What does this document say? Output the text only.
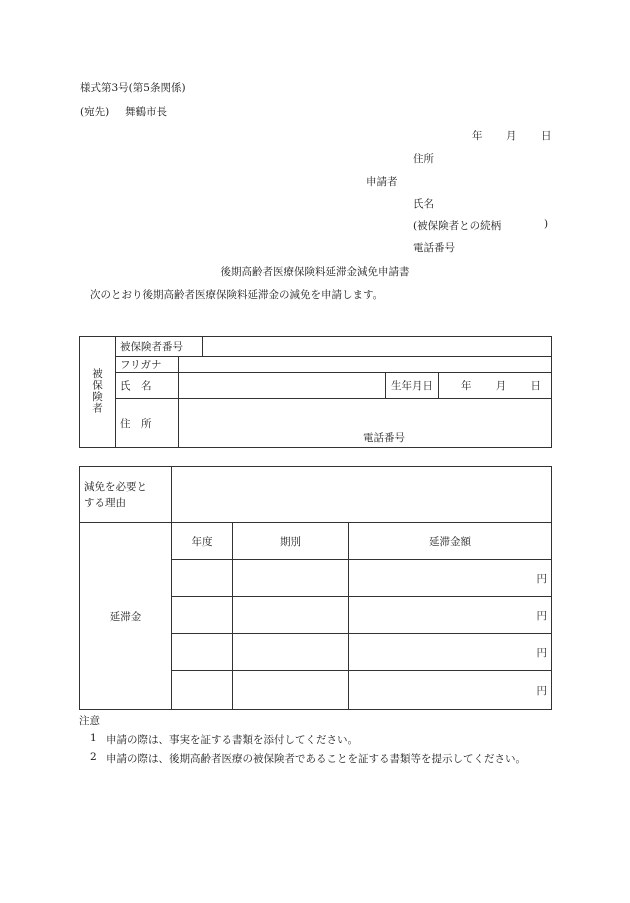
様式第3号(第5条関係)
(宛先) 舞鶴市長
年 月 日
住所
申請者
氏名
(被保険者との続柄	)
電話番号
後期高齢者医療保険料延滞金減免申請書
次のとおり後期高齢者医療保険料延滞金の減免を申請します。
被保険者	被保険者番号				
	フリガナ				
	氏　名			生年月日	年 月 日

	住　所	電話番号			
減免を必要と
する理由			

延滞金	年度	期別	延滞金額
			円
			円
			円
			円
注意
1 申請の際は、事実を証する書類を添付してください。
2 申請の際は、後期高齢者医療の被保険者であることを証する書類等を提示してください。
